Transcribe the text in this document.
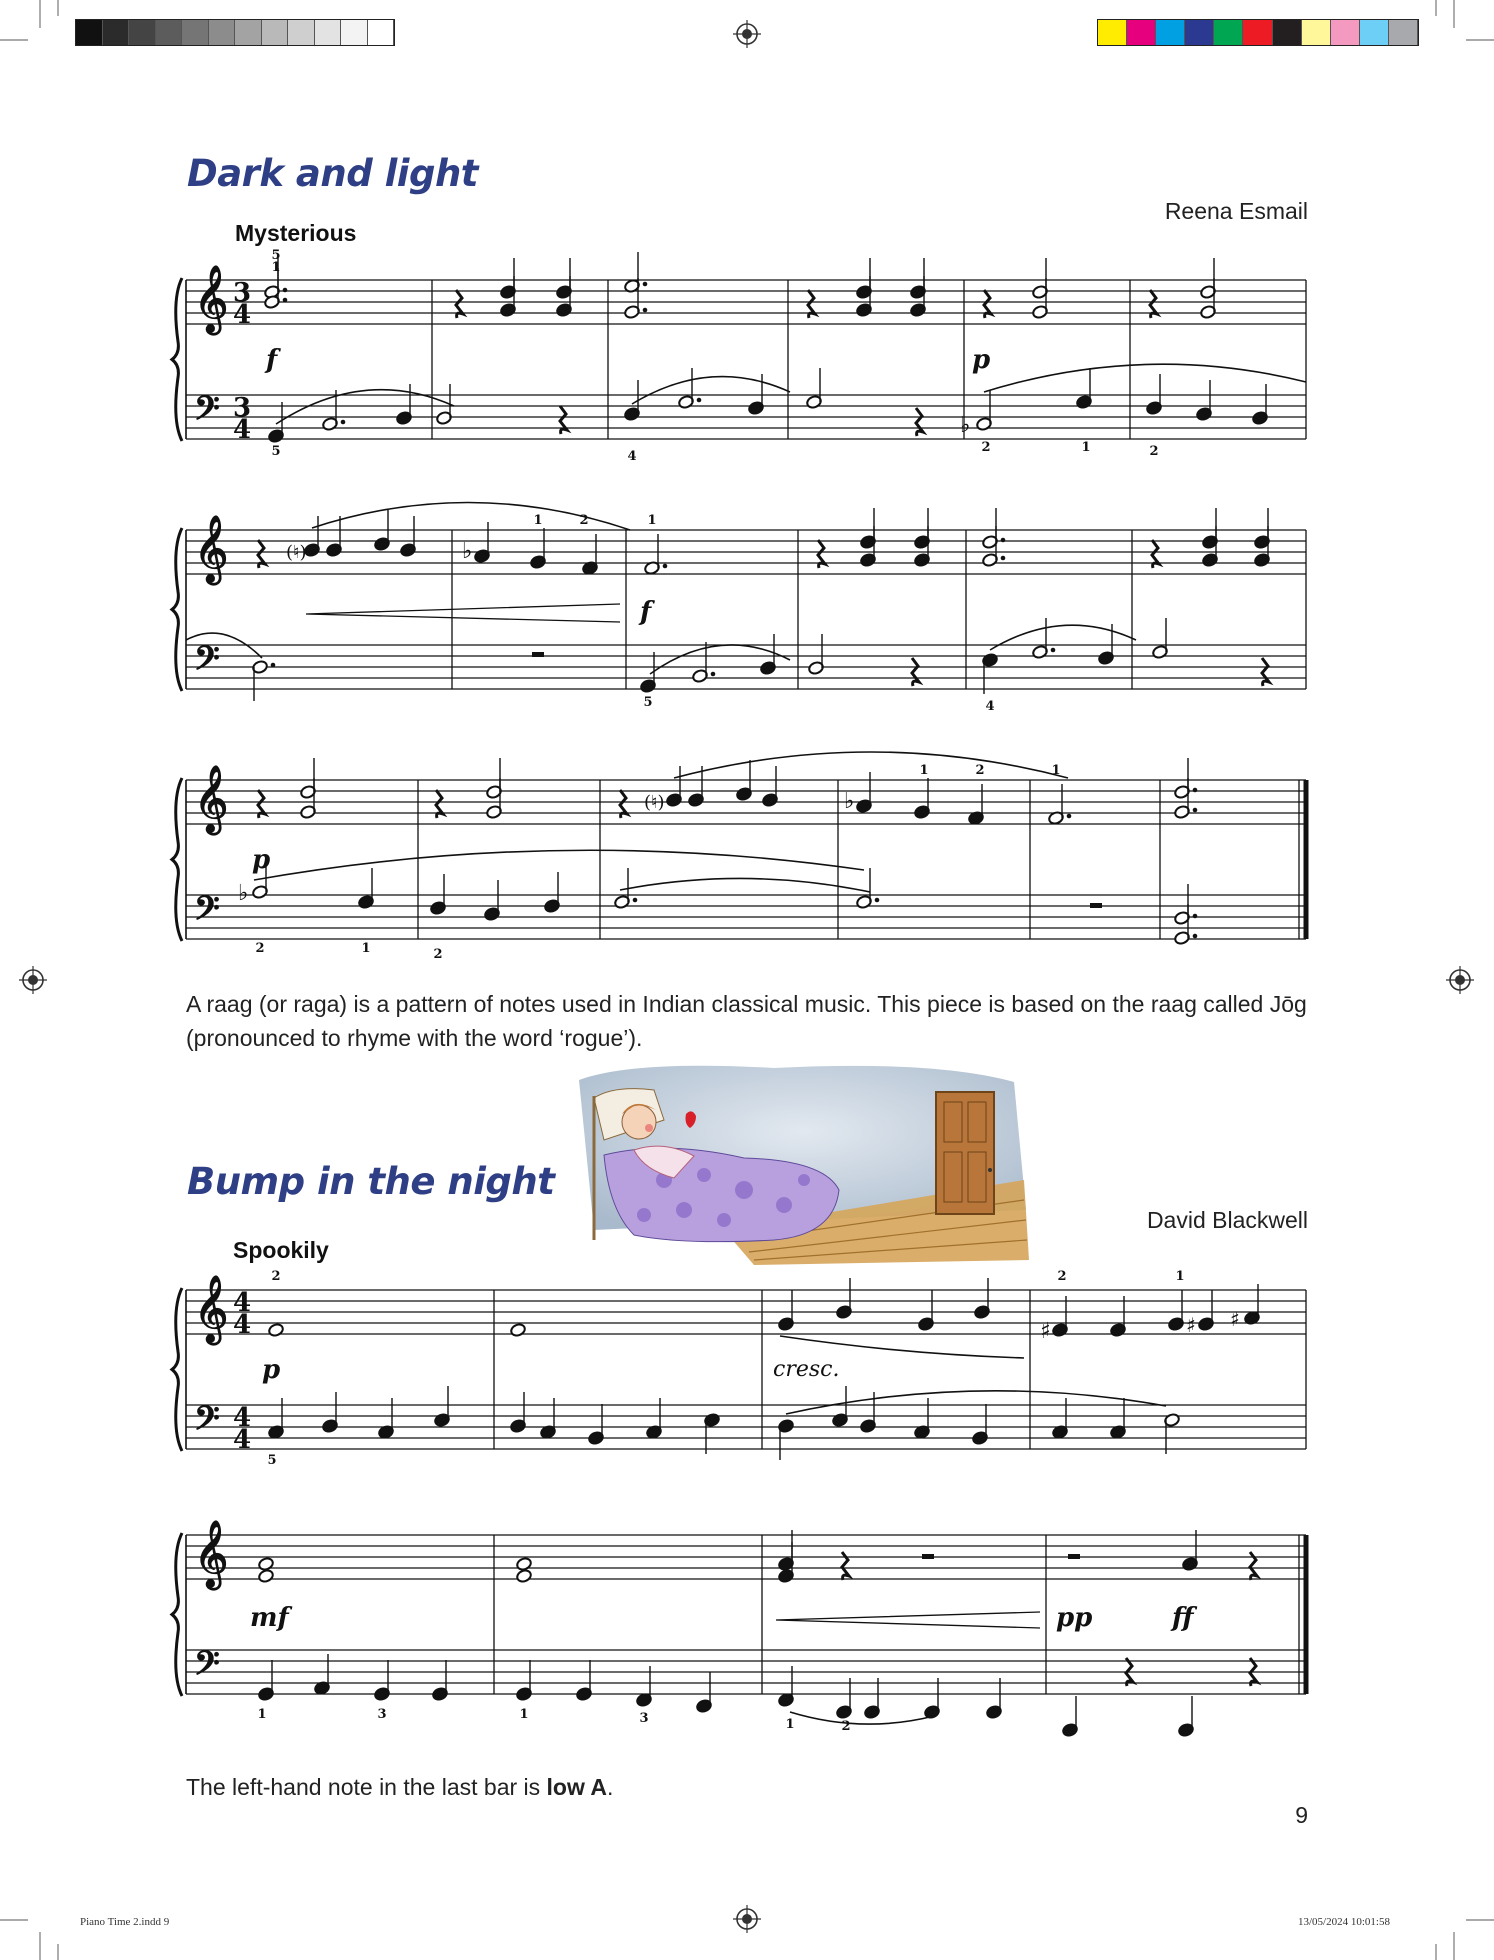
Dark and light
Reena Esmail
Mysterious
𝄞
𝄢
𝄞
𝄢
𝄞
𝄢
3
4
3
4
5
1
f
5	4
p
♭
2	1	2
(♮)	♭
1	2	1
f
5	4
(♮)	♭
1	2	1
p
♭
2	1	2
A raag (or raga) is a pattern of notes used in Indian classical music. This piece is based on the raag called Jōg (pronounced to rhyme with the word ‘rogue’).
Bump in the night
David Blackwell
Spookily
𝄞
𝄢
𝄞
𝄢
4
4
4
4
2
p	cresc.
♯	♯ ♯
2	1
5
mf	pp	ff
1	3	1	3	1	2
The left-hand note in the last bar is low A.
9
Piano Time 2.indd 9	13/05/2024 10:01:58
